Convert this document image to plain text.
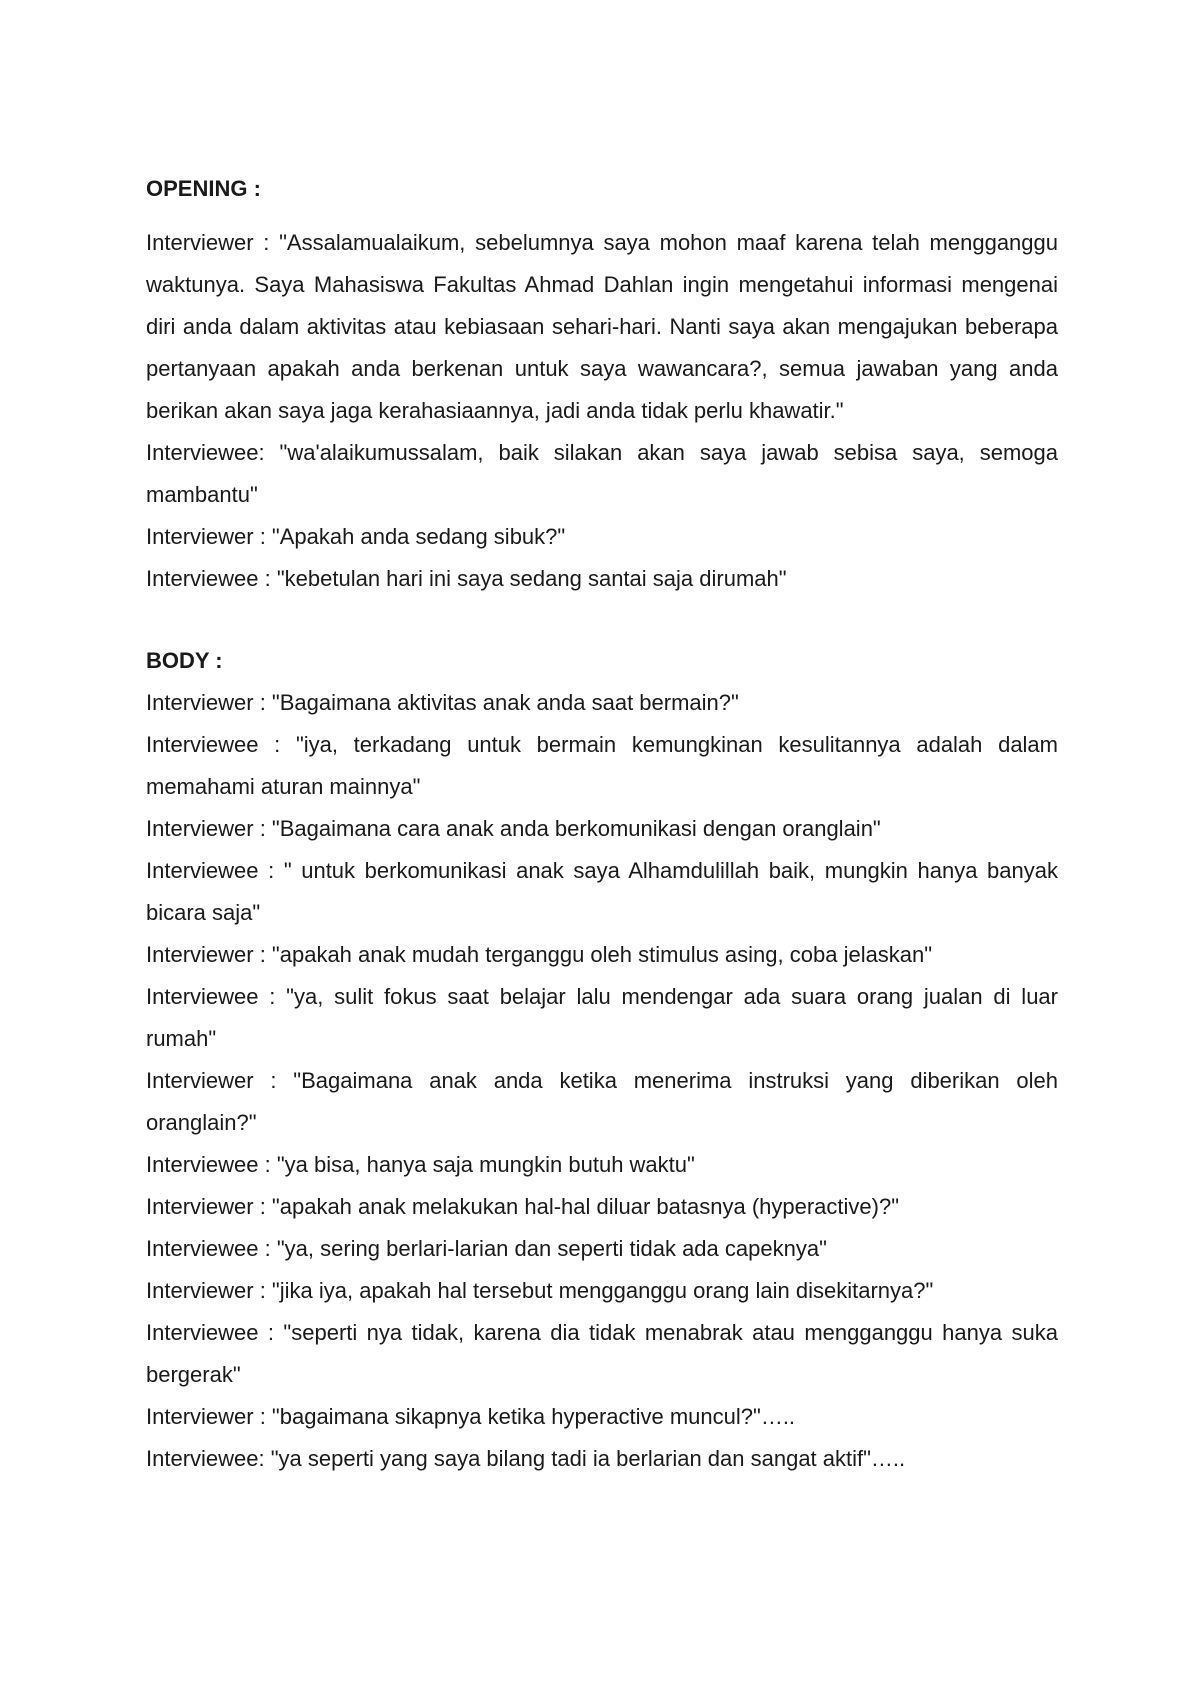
OPENING :

Interviewer : "Assalamualaikum, sebelumnya saya mohon maaf karena telah mengganggu waktunya. Saya Mahasiswa Fakultas Ahmad Dahlan ingin mengetahui informasi mengenai diri anda dalam aktivitas atau kebiasaan sehari-hari. Nanti saya akan mengajukan beberapa pertanyaan apakah anda berkenan untuk saya wawancara?, semua jawaban yang anda berikan akan saya jaga kerahasiaannya, jadi anda tidak perlu khawatir."

Interviewee: "wa'alaikumussalam, baik silakan akan saya jawab sebisa saya, semoga mambantu"

Interviewer : "Apakah anda sedang sibuk?"

Interviewee : "kebetulan hari ini saya sedang santai saja dirumah"

BODY :

Interviewer : "Bagaimana aktivitas anak anda saat bermain?"

Interviewee : "iya, terkadang untuk bermain kemungkinan kesulitannya adalah dalam memahami aturan mainnya"

Interviewer : "Bagaimana cara anak anda berkomunikasi dengan oranglain"

Interviewee : " untuk berkomunikasi anak saya Alhamdulillah baik, mungkin hanya banyak bicara saja"

Interviewer : "apakah anak mudah terganggu oleh stimulus asing, coba jelaskan"

Interviewee : "ya, sulit fokus saat belajar lalu mendengar ada suara orang jualan di luar rumah"

Interviewer : "Bagaimana anak anda ketika menerima instruksi yang diberikan oleh oranglain?"

Interviewee : "ya bisa, hanya saja mungkin butuh waktu"

Interviewer : "apakah anak melakukan hal-hal diluar batasnya (hyperactive)?"

Interviewee : "ya, sering berlari-larian dan seperti tidak ada capeknya"

Interviewer : "jika iya, apakah hal tersebut mengganggu orang lain disekitarnya?"

Interviewee : "seperti nya tidak, karena dia tidak menabrak atau mengganggu hanya suka bergerak"

Interviewer : "bagaimana sikapnya ketika hyperactive muncul?"…..

Interviewee: "ya seperti yang saya bilang tadi ia berlarian dan sangat aktif"…..
